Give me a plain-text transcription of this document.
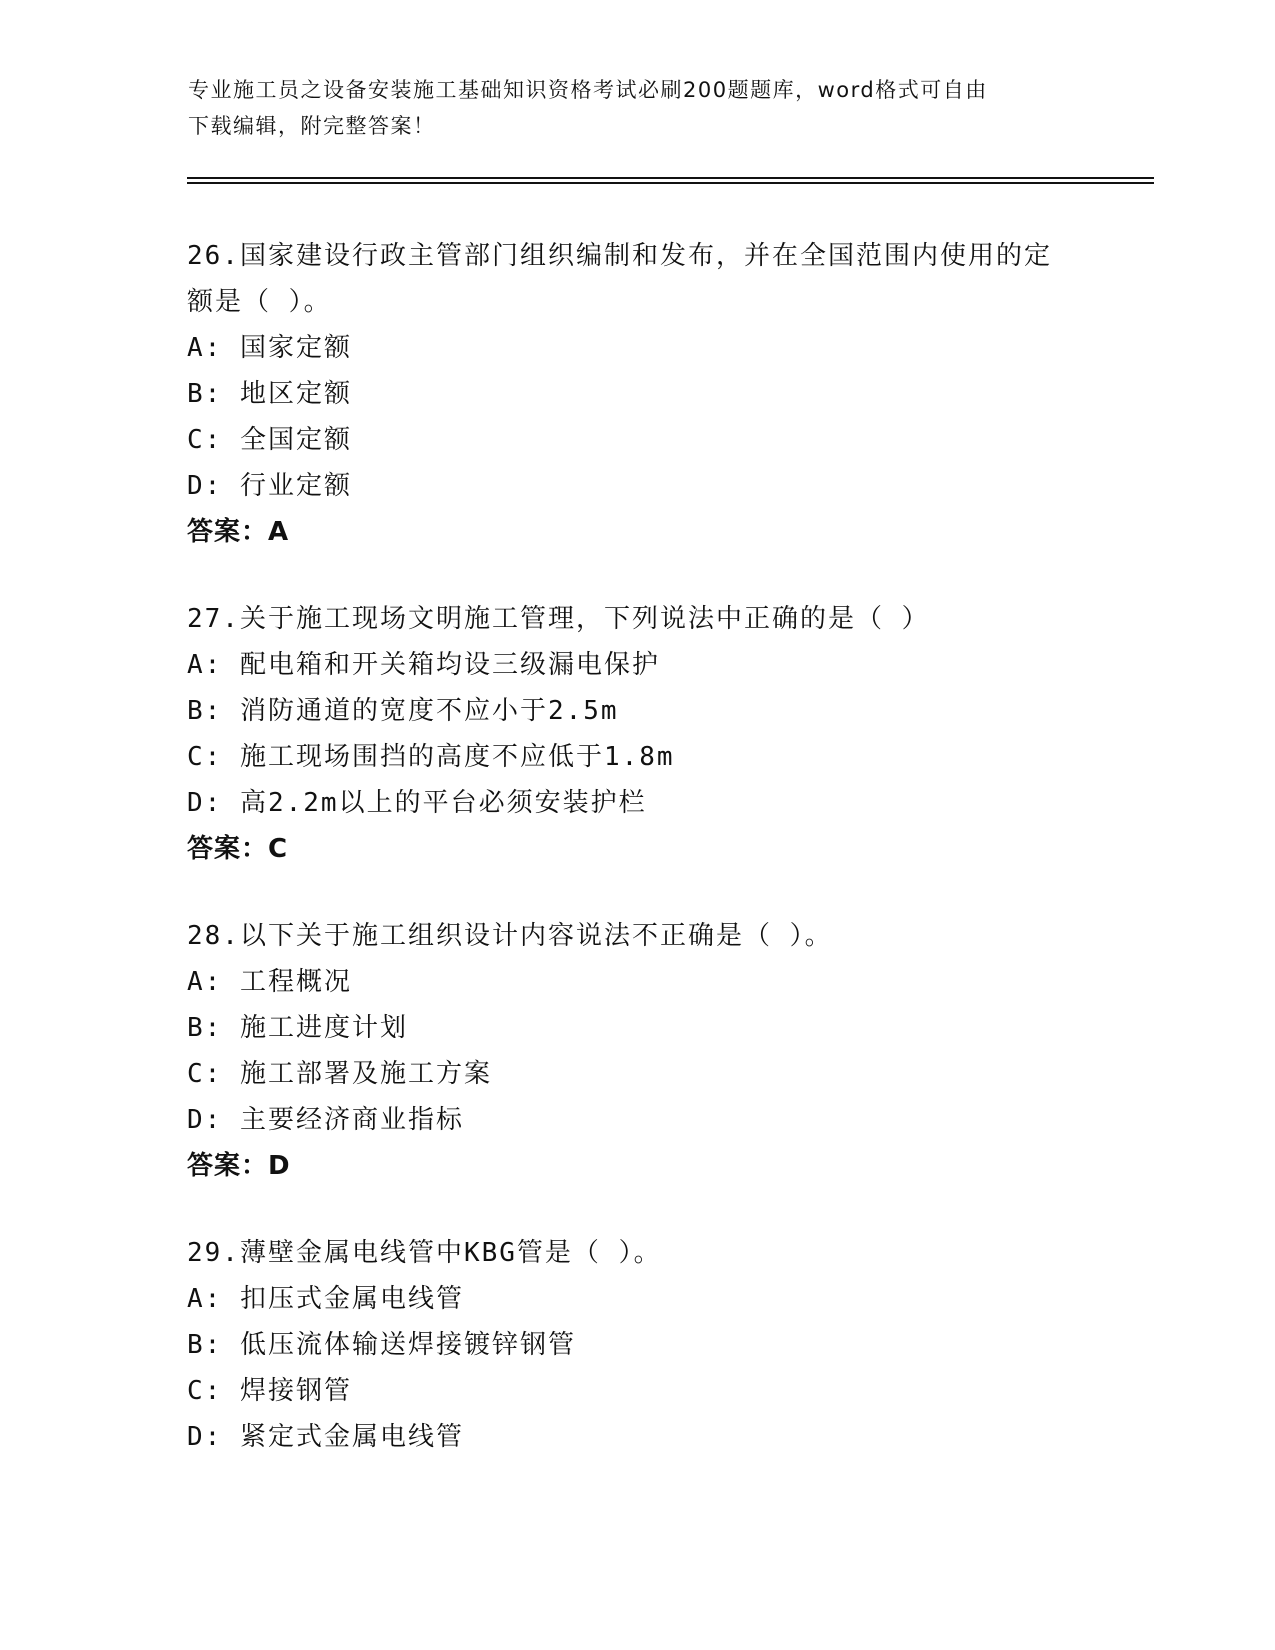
专业施工员之设备安装施工基础知识资格考试必刷200题题库，word格式可自由
下载编辑，附完整答案！
26.国家建设行政主管部门组织编制和发布，并在全国范围内使用的定
额是（ ）。
A: 国家定额
B: 地区定额
C: 全国定额
D: 行业定额
答案：A
27.关于施工现场文明施工管理，下列说法中正确的是（ ）
A: 配电箱和开关箱均设三级漏电保护
B: 消防通道的宽度不应小于2.5m
C: 施工现场围挡的高度不应低于1.8m
D: 高2.2m以上的平台必须安装护栏
答案：C
28.以下关于施工组织设计内容说法不正确是（ ）。
A: 工程概况
B: 施工进度计划
C: 施工部署及施工方案
D: 主要经济商业指标
答案：D
29.薄壁金属电线管中KBG管是（ ）。
A: 扣压式金属电线管
B: 低压流体输送焊接镀锌钢管
C: 焊接钢管
D: 紧定式金属电线管
